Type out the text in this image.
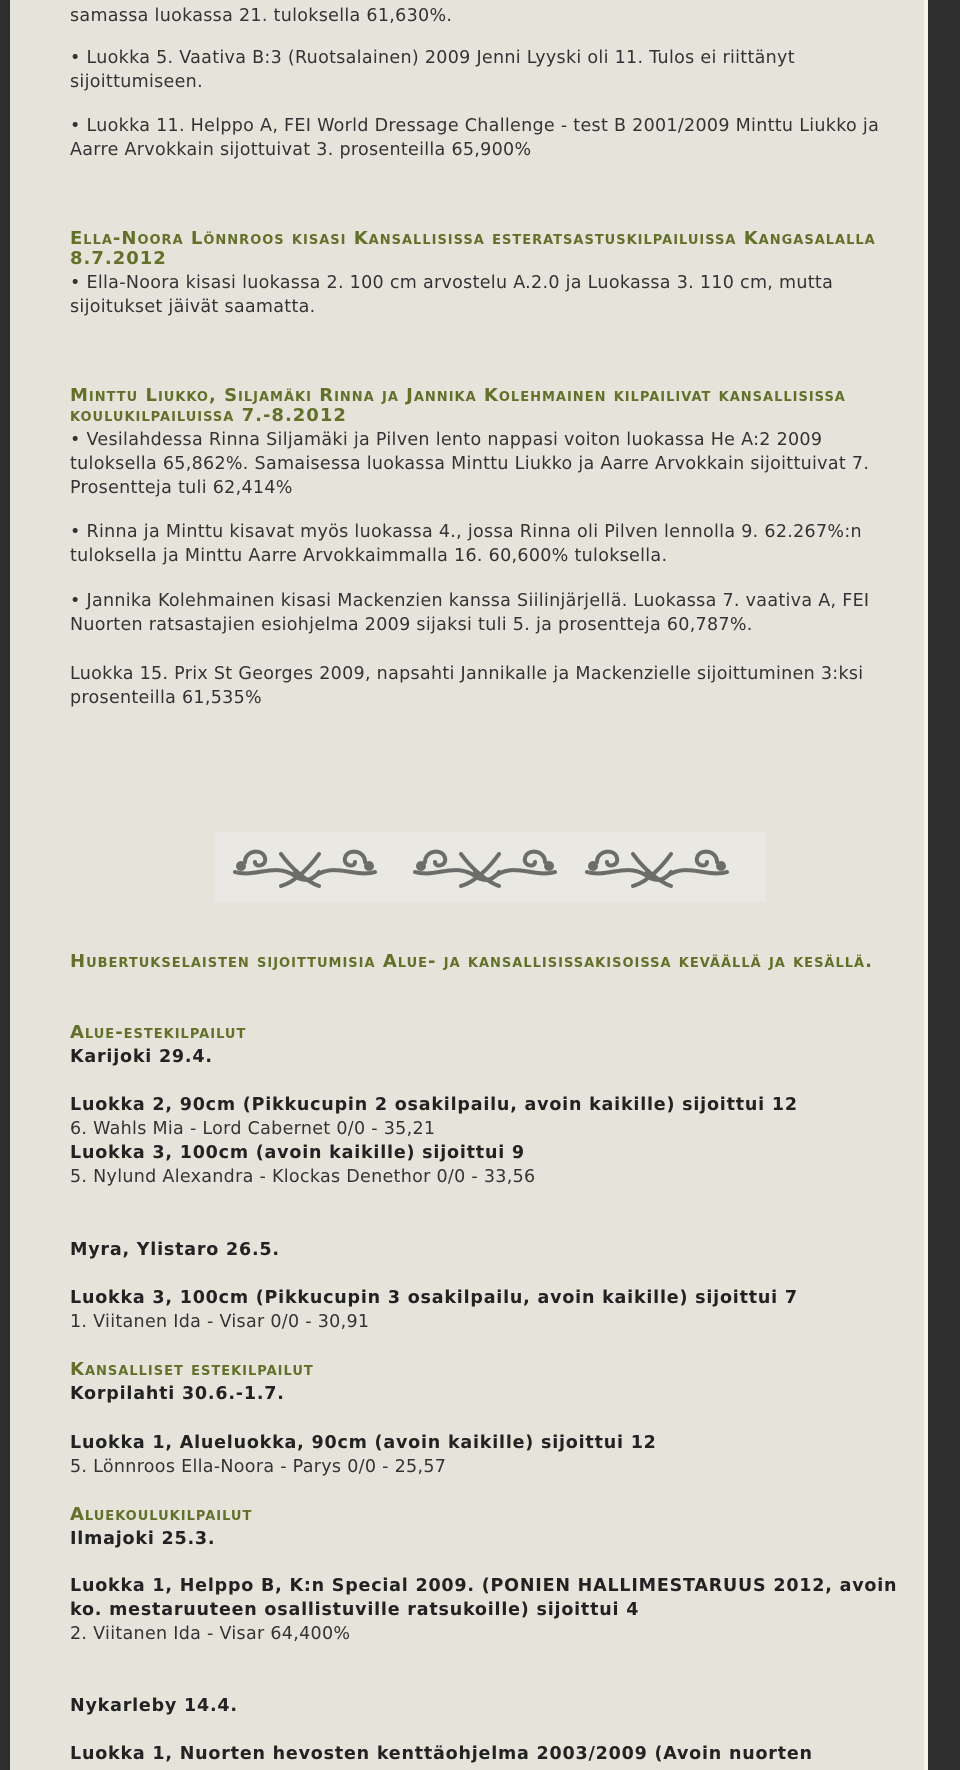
samassa luokassa 21. tuloksella 61,630%.

• Luokka 5. Vaativa B:3 (Ruotsalainen) 2009 Jenni Lyyski oli 11. Tulos ei riittänyt sijoittumiseen.

• Luokka 11. Helppo A, FEI World Dressage Challenge - test B 2001/2009 Minttu Liukko ja Aarre Arvokkain sijottuivat 3. prosenteilla 65,900%

Ella-Noora Lönnroos kisasi Kansallisissa esteratsastuskilpailuissa Kangasalalla 8.7.2012

• Ella-Noora kisasi luokassa 2. 100 cm arvostelu A.2.0 ja Luokassa 3. 110 cm, mutta sijoitukset jäivät saamatta.

Minttu Liukko, Siljamäki Rinna ja Jannika Kolehmainen kilpailivat kansallisissa koulukilpailuissa 7.-8.2012

• Vesilahdessa Rinna Siljamäki ja Pilven lento nappasi voiton luokassa He A:2 2009 tuloksella 65,862%. Samaisessa luokassa Minttu Liukko ja Aarre Arvokkain sijoittuivat 7. Prosentteja tuli 62,414%

• Rinna ja Minttu kisavat myös luokassa 4., jossa Rinna oli Pilven lennolla 9. 62.267%:n tuloksella ja Minttu Aarre Arvokkaimmalla 16. 60,600% tuloksella.

• Jannika Kolehmainen kisasi Mackenzien kanssa Siilinjärjellä. Luokassa 7. vaativa A, FEI Nuorten ratsastajien esiohjelma 2009 sijaksi tuli 5. ja prosentteja 60,787%.

Luokka 15. Prix St Georges 2009, napsahti Jannikalle ja Mackenzielle sijoittuminen 3:ksi prosenteilla 61,535%

Hubertukselaisten sijoittumisia Alue- ja kansallisissakisoissa keväällä ja kesällä.

Alue-estekilpailut

Karijoki 29.4.

Luokka 2, 90cm (Pikkucupin 2 osakilpailu, avoin kaikille) sijoittui 12

6. Wahls Mia - Lord Cabernet 0/0 - 35,21

Luokka 3, 100cm (avoin kaikille) sijoittui 9

5. Nylund Alexandra - Klockas Denethor 0/0 - 33,56

Myra, Ylistaro 26.5.

Luokka 3, 100cm (Pikkucupin 3 osakilpailu, avoin kaikille) sijoittui 7

1. Viitanen Ida - Visar 0/0 - 30,91

Kansalliset estekilpailut

Korpilahti 30.6.-1.7.

Luokka 1, Alueluokka, 90cm (avoin kaikille) sijoittui 12

5. Lönnroos Ella-Noora - Parys 0/0 - 25,57

Aluekoulukilpailut

Ilmajoki 25.3.

Luokka 1, Helppo B, K:n Special 2009. (PONIEN HALLIMESTARUUS 2012, avoin ko. mestaruuteen osallistuville ratsukoille) sijoittui 4

2. Viitanen Ida - Visar 64,400%

Nykarleby 14.4.

Luokka 1, Nuorten hevosten kenttäohjelma 2003/2009 (Avoin nuorten
